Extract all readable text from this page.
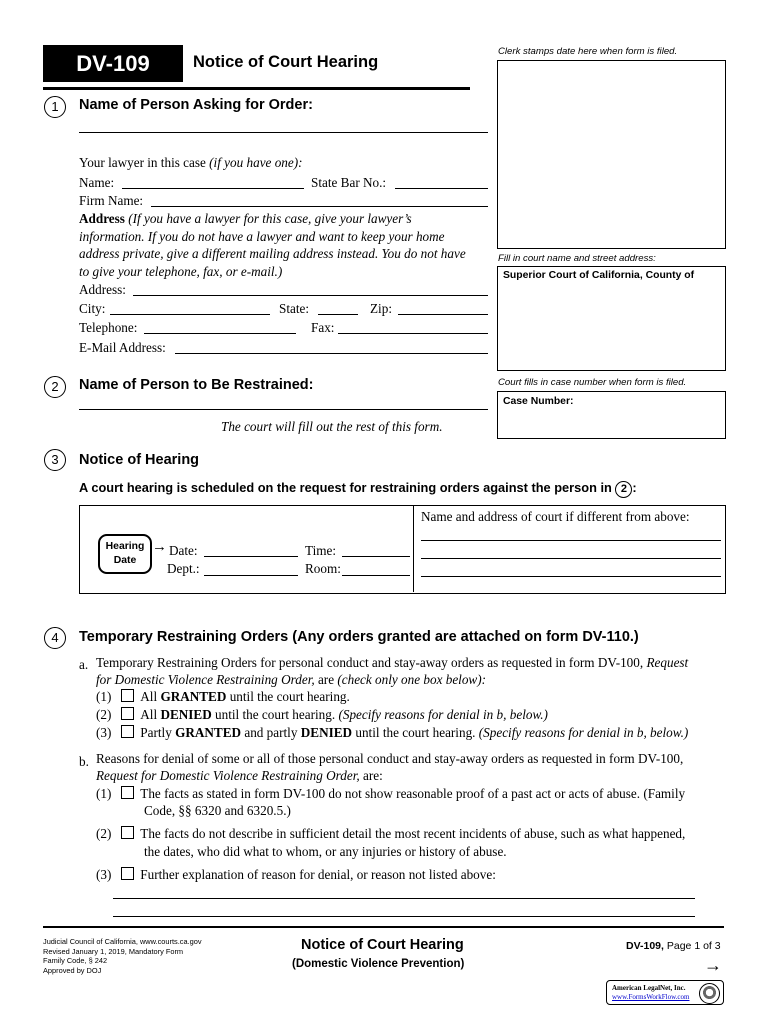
DV-109	Notice of Court Hearing
Clerk stamps date here when form is filed.
Fill in court name and street address:
Superior Court of California, County of
Court fills in case number when form is filed.
Case Number:
1	Name of Person Asking for Order:
Your lawyer in this case (if you have one):
Name:	State Bar No.:
Firm Name:
Address (If you have a lawyer for this case, give your lawyer’s
information. If you do not have a lawyer and want to keep your home
address private, give a different mailing address instead. You do not have
to give your telephone, fax, or e-mail.)
Address:
City:	State:	Zip:
Telephone:	Fax:
E-Mail Address:
2	Name of Person to Be Restrained:
The court will fill out the rest of this form.
3	Notice of Hearing
A court hearing is scheduled on the request for restraining orders against the person in 2 :
Hearing
Date
→ Date:	Time:
Dept.:	Room:
Name and address of court if different from above:
4	Temporary Restraining Orders (Any orders granted are attached on form DV-110.)
a. Temporary Restraining Orders for personal conduct and stay-away orders as requested in form DV-100, Request
for Domestic Violence Restraining Order, are (check only one box below):
(1) All GRANTED until the court hearing.
(2) All DENIED until the court hearing. (Specify reasons for denial in b, below.)
(3) Partly GRANTED and partly DENIED until the court hearing. (Specify reasons for denial in b, below.)
b. Reasons for denial of some or all of those personal conduct and stay-away orders as requested in form DV-100,
Request for Domestic Violence Restraining Order, are:
(1) The facts as stated in form DV-100 do not show reasonable proof of a past act or acts of abuse. (Family
Code, §§ 6320 and 6320.5.)
(2) The facts do not describe in sufficient detail the most recent incidents of abuse, such as what happened,
the dates, who did what to whom, or any injuries or history of abuse.
(3) Further explanation of reason for denial, or reason not listed above:
Judicial Council of California, www.courts.ca.gov
Revised January 1, 2019, Mandatory Form
Family Code, § 242
Approved by DOJ
Notice of Court Hearing
(Domestic Violence Prevention)
DV-109, Page 1 of 3
→
American LegalNet, Inc.
www.FormsWorkFlow.com
